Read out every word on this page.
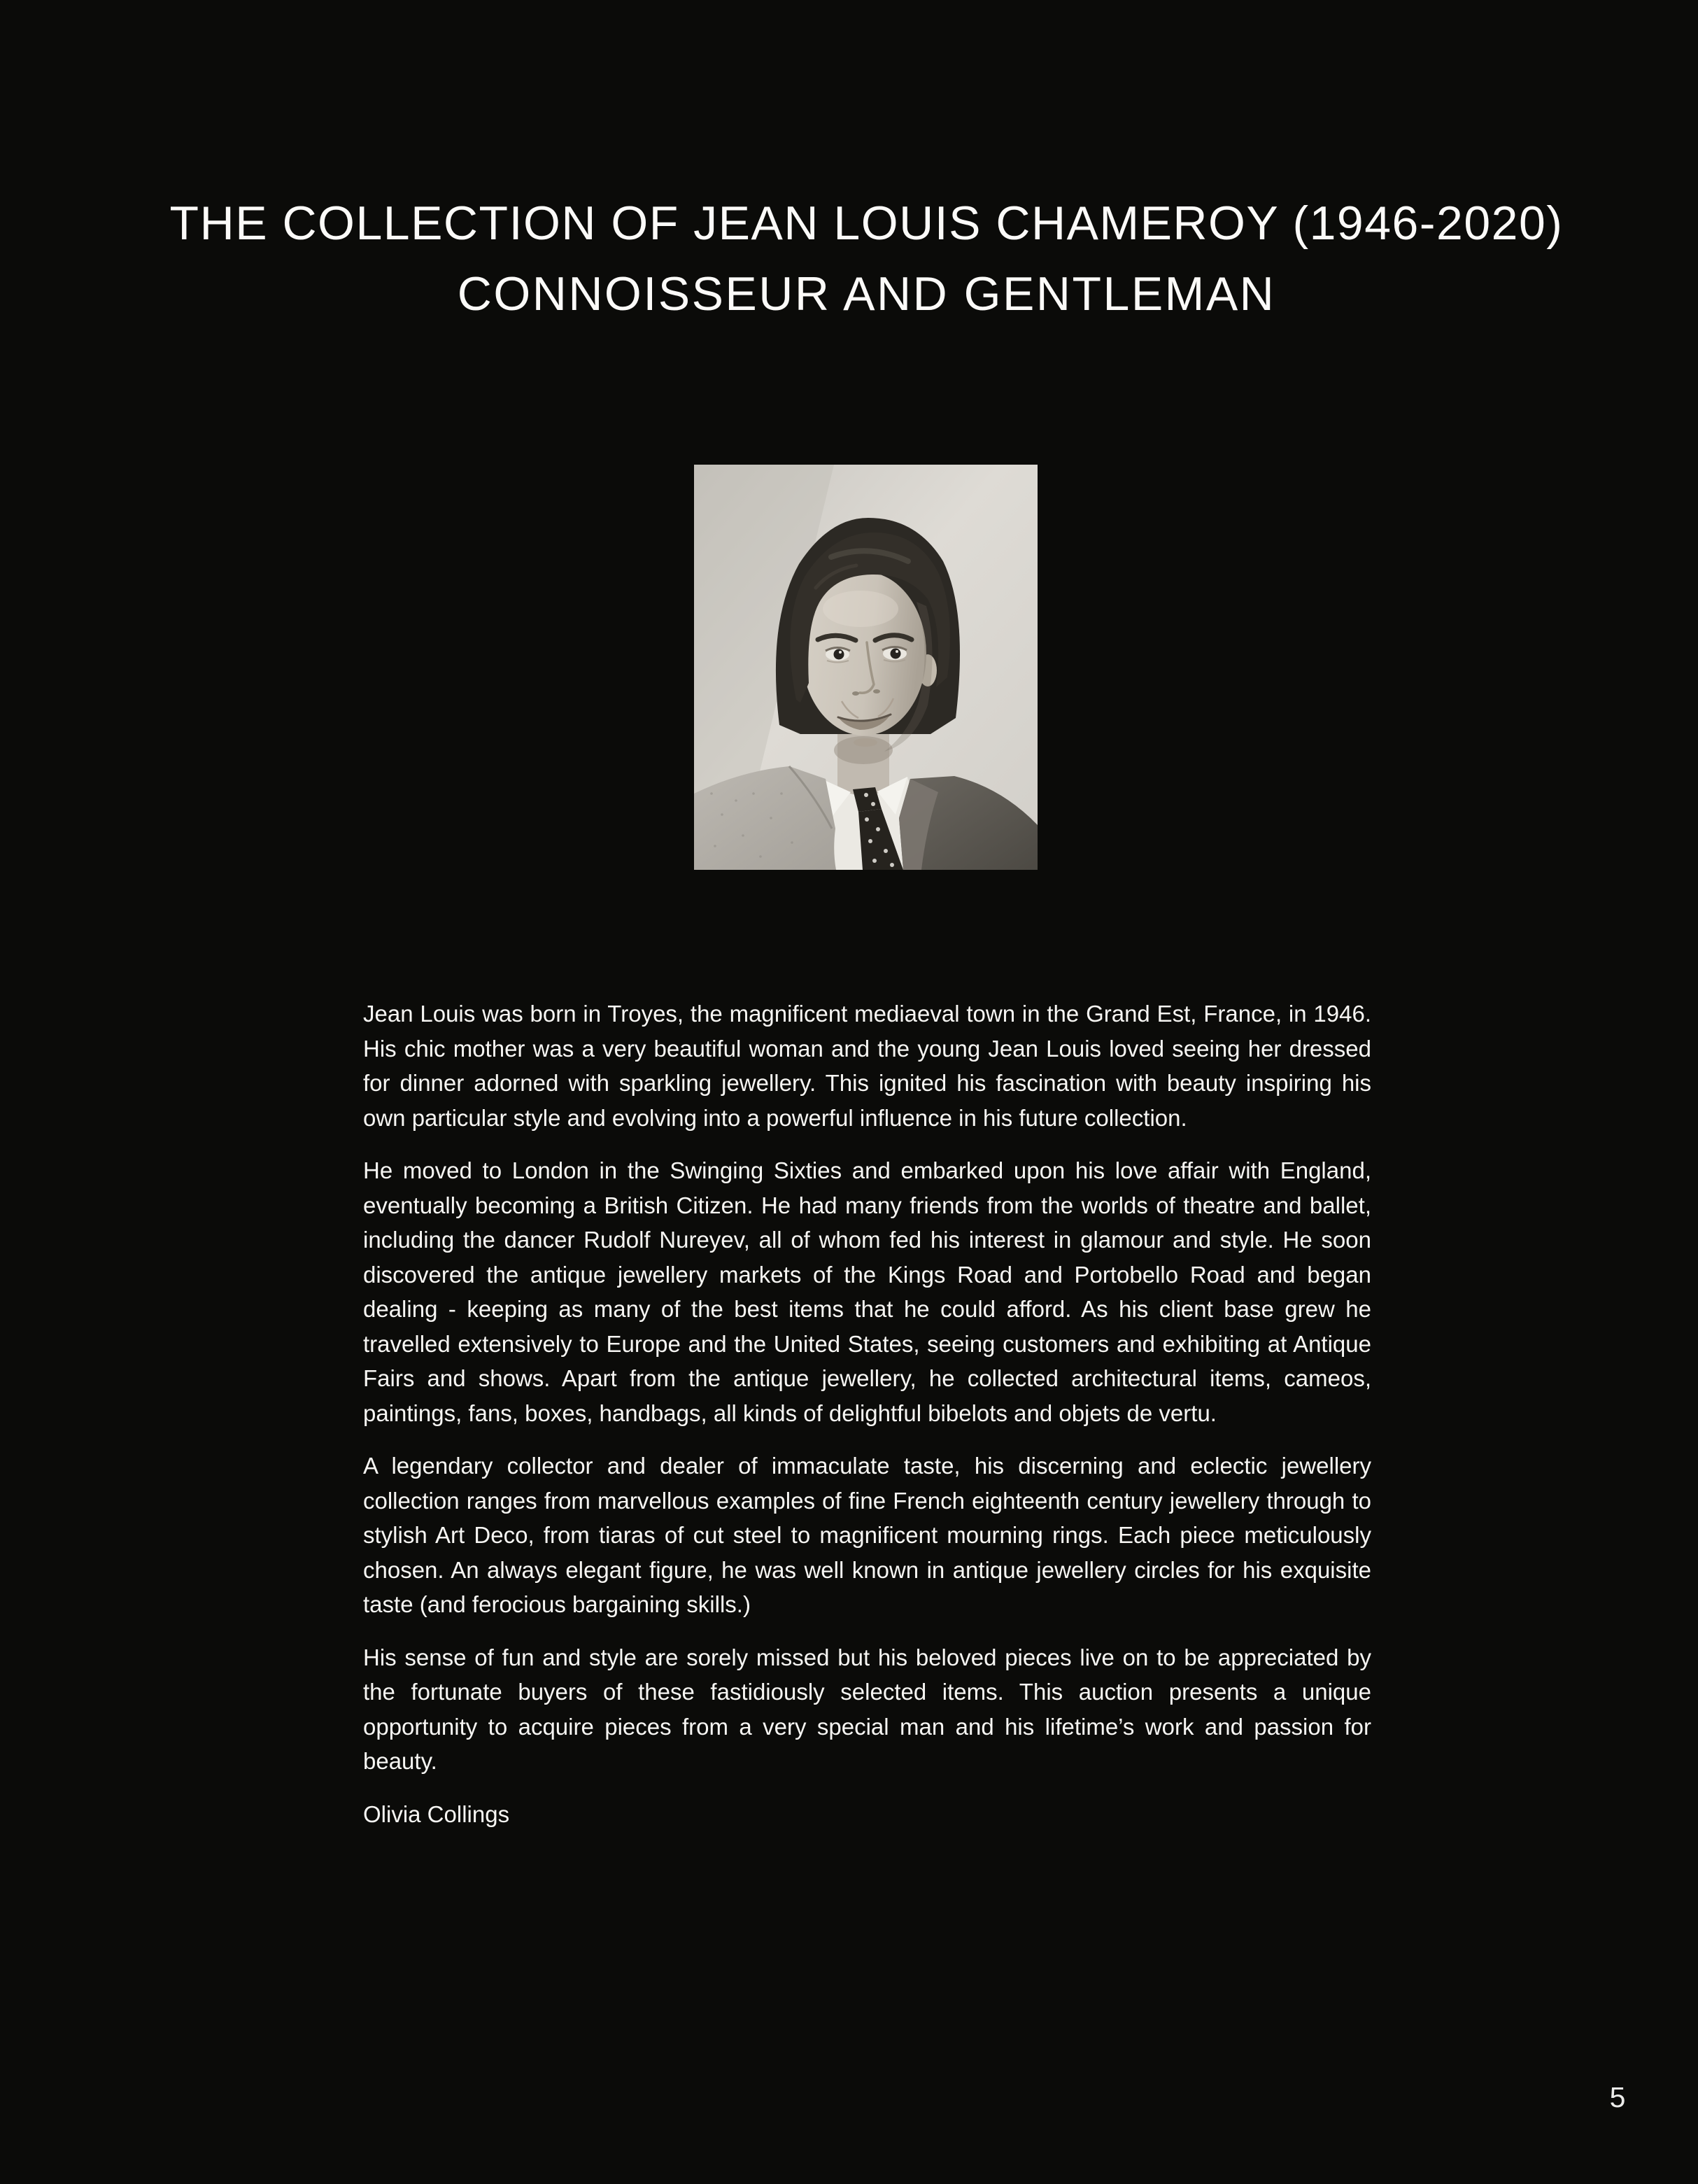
THE COLLECTION OF JEAN LOUIS CHAMEROY (1946-2020)
CONNOISSEUR AND GENTLEMAN

Jean Louis was born in Troyes, the magnificent mediaeval town in the Grand Est, France, in 1946. His chic mother was a very beautiful woman and the young Jean Louis loved seeing her dressed for dinner adorned with sparkling jewellery. This ignited his fascination with beauty inspiring his own particular style and evolving into a powerful influence in his future collection.

He moved to London in the Swinging Sixties and embarked upon his love affair with England, eventually becoming a British Citizen. He had many friends from the worlds of theatre and ballet, including the dancer Rudolf Nureyev, all of whom fed his interest in glamour and style. He soon discovered the antique jewellery markets of the Kings Road and Portobello Road and began dealing - keeping as many of the best items that he could afford. As his client base grew he travelled extensively to Europe and the United States, seeing customers and exhibiting at Antique Fairs and shows. Apart from the antique jewellery, he collected architectural items, cameos, paintings, fans, boxes, handbags, all kinds of delightful bibelots and objets de vertu.

A legendary collector and dealer of immaculate taste, his discerning and eclectic jewellery collection ranges from marvellous examples of fine French eighteenth century jewellery through to stylish Art Deco, from tiaras of cut steel to magnificent mourning rings. Each piece meticulously chosen. An always elegant figure, he was well known in antique jewellery circles for his exquisite taste (and ferocious bargaining skills.)

His sense of fun and style are sorely missed but his beloved pieces live on to be appreciated by the fortunate buyers of these fastidiously selected items. This auction presents a unique opportunity to acquire pieces from a very special man and his lifetime’s work and passion for beauty.

Olivia Collings

5
